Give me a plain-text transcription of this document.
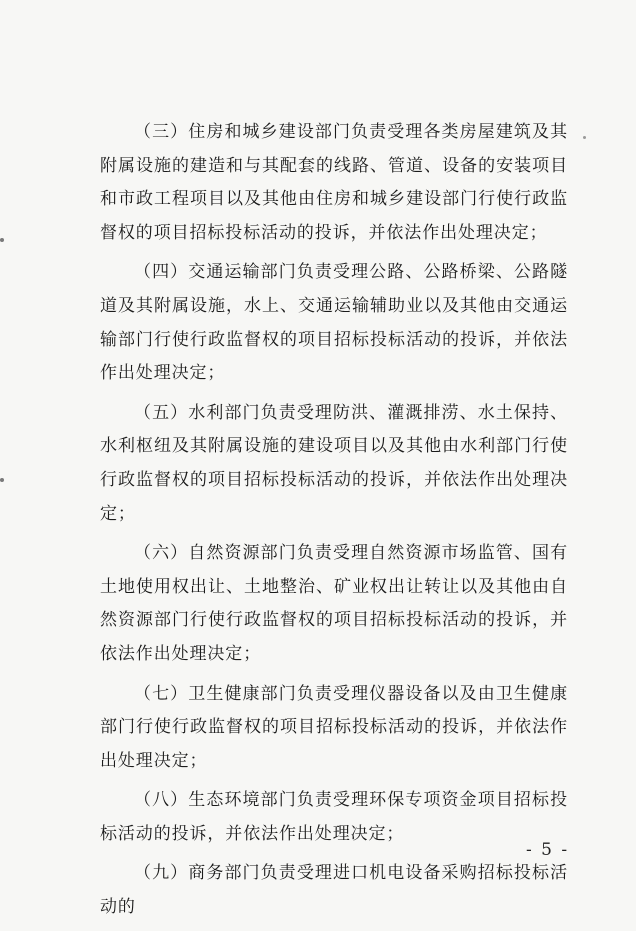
（三）住房和城乡建设部门负责受理各类房屋建筑及其附属设施的建造和与其配套的线路、管道、设备的安装项目和市政工程项目以及其他由住房和城乡建设部门行使行政监督权的项目招标投标活动的投诉，并依法作出处理决定；

（四）交通运输部门负责受理公路、公路桥梁、公路隧道及其附属设施，水上、交通运输辅助业以及其他由交通运输部门行使行政监督权的项目招标投标活动的投诉，并依法作出处理决定；

（五）水利部门负责受理防洪、灌溉排涝、水土保持、水利枢纽及其附属设施的建设项目以及其他由水利部门行使行政监督权的项目招标投标活动的投诉，并依法作出处理决定；

（六）自然资源部门负责受理自然资源市场监管、国有土地使用权出让、土地整治、矿业权出让转让以及其他由自然资源部门行使行政监督权的项目招标投标活动的投诉，并依法作出处理决定；

（七）卫生健康部门负责受理仪器设备以及由卫生健康部门行使行政监督权的项目招标投标活动的投诉，并依法作出处理决定；

（八）生态环境部门负责受理环保专项资金项目招标投标活动的投诉，并依法作出处理决定；

（九）商务部门负责受理进口机电设备采购招标投标活动的

- 5 -
